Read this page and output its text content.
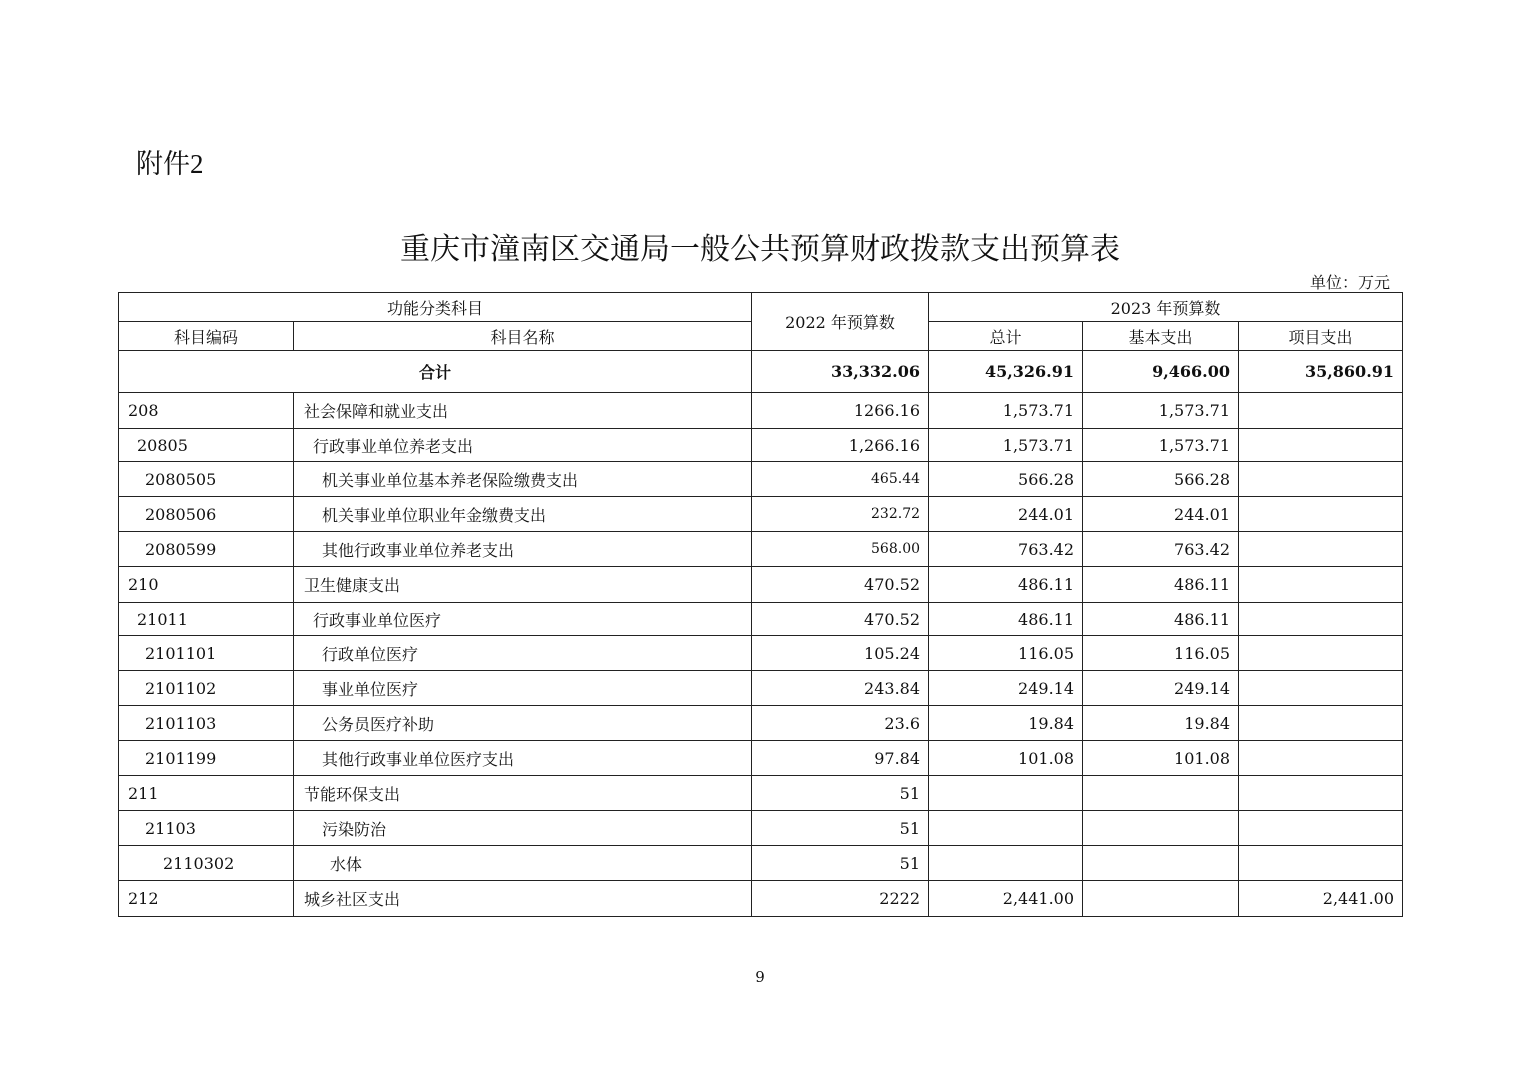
附件2
重庆市潼南区交通局一般公共预算财政拨款支出预算表
单位：万元
功能分类科目		2022 年预算数	2023 年预算数		
科目编码	科目名称		总计	基本支出	项目支出
合计		33,332.06	45,326.91	9,466.00	35,860.91
208	社会保障和就业支出	1266.16	1,573.71	1,573.71	
20805	行政事业单位养老支出	1,266.16	1,573.71	1,573.71	
2080505	机关事业单位基本养老保险缴费支出	465.44	566.28	566.28	
2080506	机关事业单位职业年金缴费支出	232.72	244.01	244.01	
2080599	其他行政事业单位养老支出	568.00	763.42	763.42	
210	卫生健康支出	470.52	486.11	486.11	
21011	行政事业单位医疗	470.52	486.11	486.11	
2101101	行政单位医疗	105.24	116.05	116.05	
2101102	事业单位医疗	243.84	249.14	249.14	
2101103	公务员医疗补助	23.6	19.84	19.84	
2101199	其他行政事业单位医疗支出	97.84	101.08	101.08	
211	节能环保支出	51			
21103	污染防治	51			
2110302	水体	51			
212	城乡社区支出	2222	2,441.00		2,441.00
9
